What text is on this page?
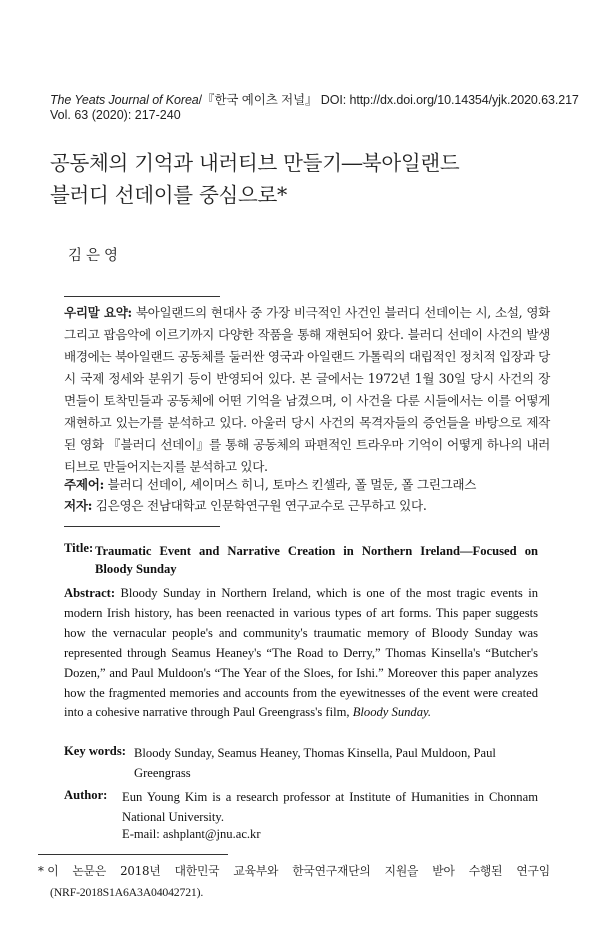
The Yeats Journal of Korea/『한국 예이츠 저널』 DOI: http://dx.doi.org/10.14354/yjk.2020.63.217
Vol. 63 (2020): 217-240
공동체의 기억과 내러티브 만들기―북아일랜드
블러디 선데이를 중심으로*
김은영
우리말 요약: 북아일랜드의 현대사 중 가장 비극적인 사건인 블러디 선데이는 시, 소설, 영화 그리고 팝음악에 이르기까지 다양한 작품을 통해 재현되어 왔다. 블러디 선데이 사건의 발생 배경에는 북아일랜드 공동체를 둘러싼 영국과 아일랜드 가톨릭의 대립적인 정치적 입장과 당시 국제 정세와 분위기 등이 반영되어 있다. 본 글에서는 1972년 1월 30일 당시 사건의 장면들이 토착민들과 공동체에 어떤 기억을 남겼으며, 이 사건을 다룬 시들에서는 이를 어떻게 재현하고 있는가를 분석하고 있다. 아울러 당시 사건의 목격자들의 증언들을 바탕으로 제작된 영화 『블러디 선데이』를 통해 공동체의 파편적인 트라우마 기억이 어떻게 하나의 내러티브로 만들어지는지를 분석하고 있다.
주제어: 블러디 선데이, 셰이머스 히니, 토마스 킨셀라, 폴 멀둔, 폴 그린그래스
저자: 김은영은 전남대학교 인문학연구원 연구교수로 근무하고 있다.
Title: Traumatic Event and Narrative Creation in Northern Ireland―Focused on
Bloody Sunday
Abstract: Bloody Sunday in Northern Ireland, which is one of the most tragic events in modern Irish history, has been reenacted in various types of art forms. This paper suggests how the vernacular people's and community's traumatic memory of Bloody Sunday was represented through Seamus Heaney's “The Road to Derry,” Thomas Kinsella's “Butcher's Dozen,” and Paul Muldoon's “The Year of the Sloes, for Ishi.” Moreover this paper analyzes how the fragmented memories and accounts from the eyewitnesses of the event were created into a cohesive narrative through Paul Greengrass's film, Bloody Sunday.
Key words: Bloody Sunday, Seamus Heaney, Thomas Kinsella, Paul Muldoon, Paul Greengrass
Author: Eun Young Kim is a research professor at Institute of Humanities in Chonnam National University.
E-mail: ashplant@jnu.ac.kr
* 이 논문은 2018년 대한민국 교육부와 한국연구재단의 지원을 받아 수행된 연구임
(NRF-2018S1A6A3A04042721).
